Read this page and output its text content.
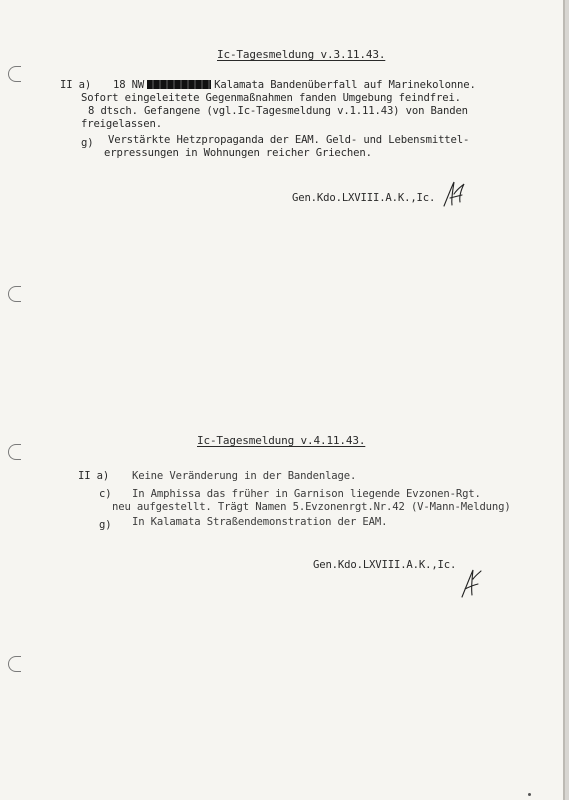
Ic-Tagesmeldung v.3.11.43.
II a) 18 NW	Kalamata Bandenüberfall auf Marinekolonne.
Sofort eingeleitete Gegenmaßnahmen fanden Umgebung feindfrei.
8 dtsch. Gefangene (vgl.Ic-Tagesmeldung v.1.11.43) von Banden
freigelassen.
g) Verstärkte Hetzpropaganda der EAM. Geld- und Lebensmittel-
erpressungen in Wohnungen reicher Griechen.
Gen.Kdo.LXVIII.A.K.,Ic.
Ic-Tagesmeldung v.4.11.43.
II a) Keine Veränderung in der Bandenlage.
c) In Amphissa das früher in Garnison liegende Evzonen-Rgt.
neu aufgestellt. Trägt Namen 5.Evzonenrgt.Nr.42 (V-Mann-Meldung)
g) In Kalamata Straßendemonstration der EAM.
Gen.Kdo.LXVIII.A.K.,Ic.
